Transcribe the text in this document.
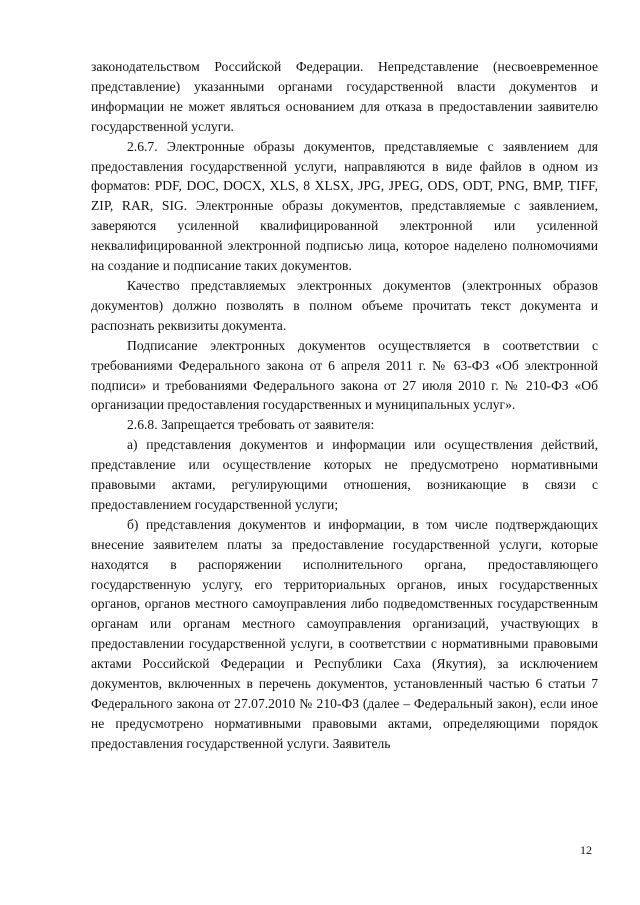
законодательством Российской Федерации. Непредставление (несвоевременное представление) указанными органами государственной власти документов и информации не может являться основанием для отказа в предоставлении заявителю государственной услуги.

2.6.7. Электронные образы документов, представляемые с заявлением для предоставления государственной услуги, направляются в виде файлов в одном из форматов: PDF, DOC, DOCX, XLS, 8 XLSX, JPG, JPEG, ODS, ODT, PNG, BMP, TIFF, ZIP, RAR, SIG. Электронные образы документов, представляемые с заявлением, заверяются усиленной квалифицированной электронной или усиленной неквалифицированной электронной подписью лица, которое наделено полномочиями на создание и подписание таких документов.

Качество представляемых электронных документов (электронных образов документов) должно позволять в полном объеме прочитать текст документа и распознать реквизиты документа.

Подписание электронных документов осуществляется в соответствии с требованиями Федерального закона от 6 апреля 2011 г. № 63-ФЗ «Об электронной подписи» и требованиями Федерального закона от 27 июля 2010 г. № 210-ФЗ «Об организации предоставления государственных и муниципальных услуг».

2.6.8. Запрещается требовать от заявителя:

а) представления документов и информации или осуществления действий, представление или осуществление которых не предусмотрено нормативными правовыми актами, регулирующими отношения, возникающие в связи с предоставлением государственной услуги;

б) представления документов и информации, в том числе подтверждающих внесение заявителем платы за предоставление государственной услуги, которые находятся в распоряжении исполнительного органа, предоставляющего государственную услугу, его территориальных органов, иных государственных органов, органов местного самоуправления либо подведомственных государственным органам или органам местного самоуправления организаций, участвующих в предоставлении государственной услуги, в соответствии с нормативными правовыми актами Российской Федерации и Республики Саха (Якутия), за исключением документов, включенных в перечень документов, установленный частью 6 статьи 7 Федерального закона от 27.07.2010 № 210-ФЗ (далее – Федеральный закон), если иное не предусмотрено нормативными правовыми актами, определяющими порядок предоставления государственной услуги. Заявитель

12
